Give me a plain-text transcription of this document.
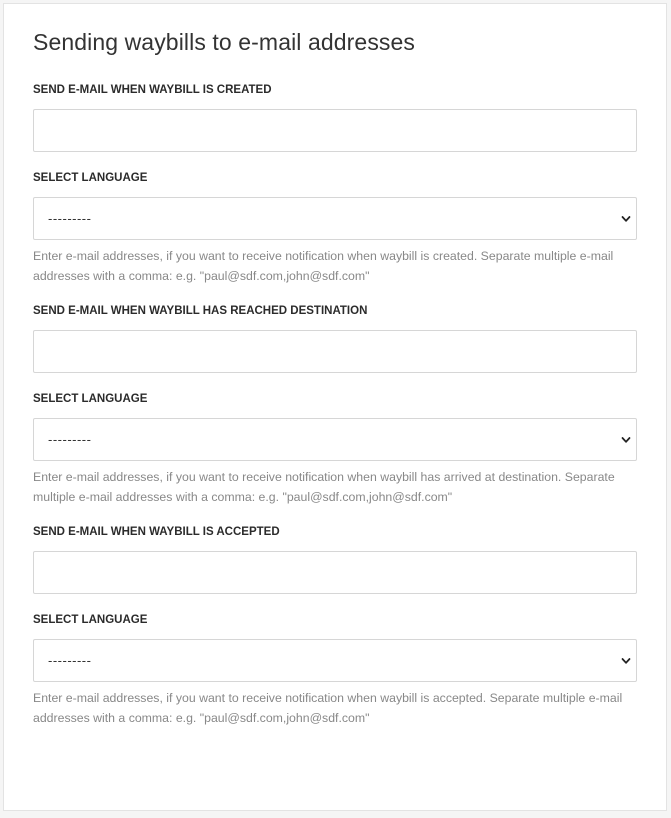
Sending waybills to e-mail addresses
SEND E-MAIL WHEN WAYBILL IS CREATED
SELECT LANGUAGE
---------

Enter e-mail addresses, if you want to receive notification when waybill is created. Separate multiple e-mail addresses with a comma: e.g. "paul@sdf.com,john@sdf.com"

SEND E-MAIL WHEN WAYBILL HAS REACHED DESTINATION
SELECT LANGUAGE
---------

Enter e-mail addresses, if you want to receive notification when waybill has arrived at destination. Separate multiple e-mail addresses with a comma: e.g. "paul@sdf.com,john@sdf.com"

SEND E-MAIL WHEN WAYBILL IS ACCEPTED
SELECT LANGUAGE
---------

Enter e-mail addresses, if you want to receive notification when waybill is accepted. Separate multiple e-mail addresses with a comma: e.g. "paul@sdf.com,john@sdf.com"
